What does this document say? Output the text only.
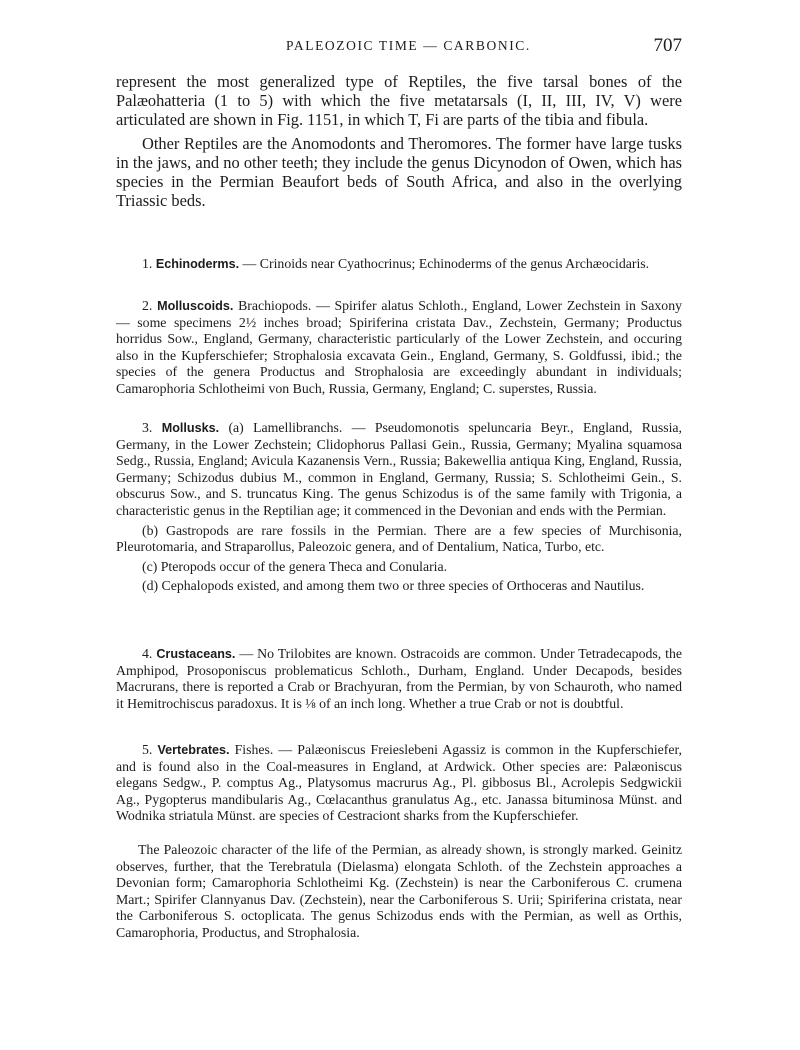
PALEOZOIC TIME — CARBONIC.	707

represent the most generalized type of Reptiles, the five tarsal bones of the Palæohatteria (1 to 5) with which the five metatarsals (I, II, III, IV, V) were articulated are shown in Fig. 1151, in which T, Fi are parts of the tibia and fibula.

Other Reptiles are the Anomodonts and Theromores. The former have large tusks in the jaws, and no other teeth; they include the genus Dicynodon of Owen, which has species in the Permian Beaufort beds of South Africa, and also in the overlying Triassic beds.

1. Echinoderms. — Crinoids near Cyathocrinus; Echinoderms of the genus Archæocidaris.

2. Molluscoids. Brachiopods. — Spirifer alatus Schloth., England, Lower Zechstein in Saxony — some specimens 2½ inches broad; Spiriferina cristata Dav., Zechstein, Germany; Productus horridus Sow., England, Germany, characteristic particularly of the Lower Zechstein, and occuring also in the Kupferschiefer; Strophalosia excavata Gein., England, Germany, S. Goldfussi, ibid.; the species of the genera Productus and Strophalosia are exceedingly abundant in individuals; Camarophoria Schlotheimi von Buch, Russia, Germany, England; C. superstes, Russia.

3. Mollusks. (a) Lamellibranchs. — Pseudomonotis speluncaria Beyr., England, Russia, Germany, in the Lower Zechstein; Clidophorus Pallasi Gein., Russia, Germany; Myalina squamosa Sedg., Russia, England; Avicula Kazanensis Vern., Russia; Bakewellia antiqua King, England, Russia, Germany; Schizodus dubius M., common in England, Germany, Russia; S. Schlotheimi Gein., S. obscurus Sow., and S. truncatus King. The genus Schizodus is of the same family with Trigonia, a characteristic genus in the Reptilian age; it commenced in the Devonian and ends with the Permian.

(b) Gastropods are rare fossils in the Permian. There are a few species of Murchisonia, Pleurotomaria, and Straparollus, Paleozoic genera, and of Dentalium, Natica, Turbo, etc.

(c) Pteropods occur of the genera Theca and Conularia.

(d) Cephalopods existed, and among them two or three species of Orthoceras and Nautilus.

4. Crustaceans. — No Trilobites are known. Ostracoids are common. Under Tetradecapods, the Amphipod, Prosoponiscus problematicus Schloth., Durham, England. Under Decapods, besides Macrurans, there is reported a Crab or Brachyuran, from the Permian, by von Schauroth, who named it Hemitrochiscus paradoxus. It is ⅛ of an inch long. Whether a true Crab or not is doubtful.

5. Vertebrates. Fishes. — Palæoniscus Freieslebeni Agassiz is common in the Kupferschiefer, and is found also in the Coal-measures in England, at Ardwick. Other species are: Palæoniscus elegans Sedgw., P. comptus Ag., Platysomus macrurus Ag., Pl. gibbosus Bl., Acrolepis Sedgwickii Ag., Pygopterus mandibularis Ag., Cœlacanthus granulatus Ag., etc. Janassa bituminosa Münst. and Wodnika striatula Münst. are species of Cestraciont sharks from the Kupferschiefer.

The Paleozoic character of the life of the Permian, as already shown, is strongly marked. Geinitz observes, further, that the Terebratula (Dielasma) elongata Schloth. of the Zechstein approaches a Devonian form; Camarophoria Schlotheimi Kg. (Zechstein) is near the Carboniferous C. crumena Mart.; Spirifer Clannyanus Dav. (Zechstein), near the Carboniferous S. Urii; Spiriferina cristata, near the Carboniferous S. octoplicata. The genus Schizodus ends with the Permian, as well as Orthis, Camarophoria, Productus, and Strophalosia.
